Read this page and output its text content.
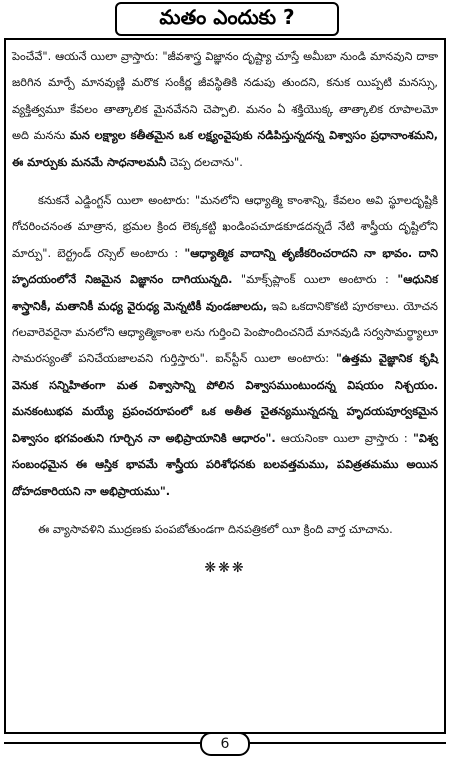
మతం ఎందుకు ?

పెంచేవే". ఆయనే యిలా వ్రాస్తారు: "జీవశాస్త్ర విజ్ఞానం దృష్ట్యా చూస్తే అమీబా నుండి మానవుని దాకా జరిగిన మార్పే మానవుణ్ణి మరొక సంకీర్ణ జీవస్థితికి నడుపు తుందని, కనుక యిప్పటి మనస్సు, వ్యక్తిత్వమూ కేవలం తాత్కాలిక మైనవేనని చెప్పాలి. మనం ఏ శక్తియొక్క తాత్కాలిక రూపాలమో అది మనను మన లక్ష్యాల కతీతమైన ఒక లక్ష్యంవైపుకు నడిపిస్తున్నదన్న విశ్వాసం ప్రధానాంశమని, ఈ మార్పుకు మనమే సాధనాలమనీ చెప్ప దలచాను".

కనుకనే ఎడ్డింగ్టన్ యిలా అంటారు: "మనలోని ఆధ్యాత్మి కాంశాన్ని, కేవలం అవి స్థూలదృష్టికి గోచరించనంత మాత్రాన, భ్రమల క్రింద లెక్కకట్టి ఖండింపచూడకూడదన్నదే నేటి శాస్త్రీయ దృష్టిలోని మార్పు". బెర్ట్రండ్ రస్సెల్ అంటారు : "ఆధ్యాత్మిక వాదాన్ని తృణీకరించరాదని నా భావం. దాని హృదయంలోనే నిజమైన విజ్ఞానం దాగియున్నది. "మాక్స్‌ప్లాంక్ యిలా అంటారు : "ఆధునిక శాస్త్రానికీ, మతానికీ మధ్య వైరుధ్య మెన్నటికీ వుండజాలదు, ఇవి ఒకదానికొకటి పూరకాలు. యోచన గలవారెవరైనా మనలోని ఆధ్యాత్మికాంశా లను గుర్తించి పెంపొందించనిదే మానవుడి సర్వసామర్థ్యాలూ సామరస్యంతో పనిచేయజాలవని గుర్తిస్తారు". ఐన్‌స్టీన్ యిలా అంటారు: "ఉత్తమ వైజ్ఞానిక కృషి వెనుక సన్నిహితంగా మత విశ్వాసాన్ని పోలిన విశ్వాసముంటుందన్న విషయం నిశ్చయం. మనకంటుభవ మయ్యే ప్రపంచరూపంలో ఒక అతీత చైతన్యమున్నదన్న హృదయపూర్వకమైన విశ్వాసం భగవంతుని గూర్చిన నా అభిప్రాయానికి ఆధారం". ఆయనింకా యిలా వ్రాస్తారు : "విశ్వ సంబంధమైన ఈ ఆస్తిక భావమే శాస్త్రీయ పరిశోధనకు బలవత్తమము, పవిత్రతమము అయిన దోహదకారియని నా అభిప్రాయము".

ఈ వ్యాసావళిని ముద్రణకు పంపబోతుండగా దినపత్రికలో యీ క్రింది వార్త చూచాను.

❋❋❋
6
